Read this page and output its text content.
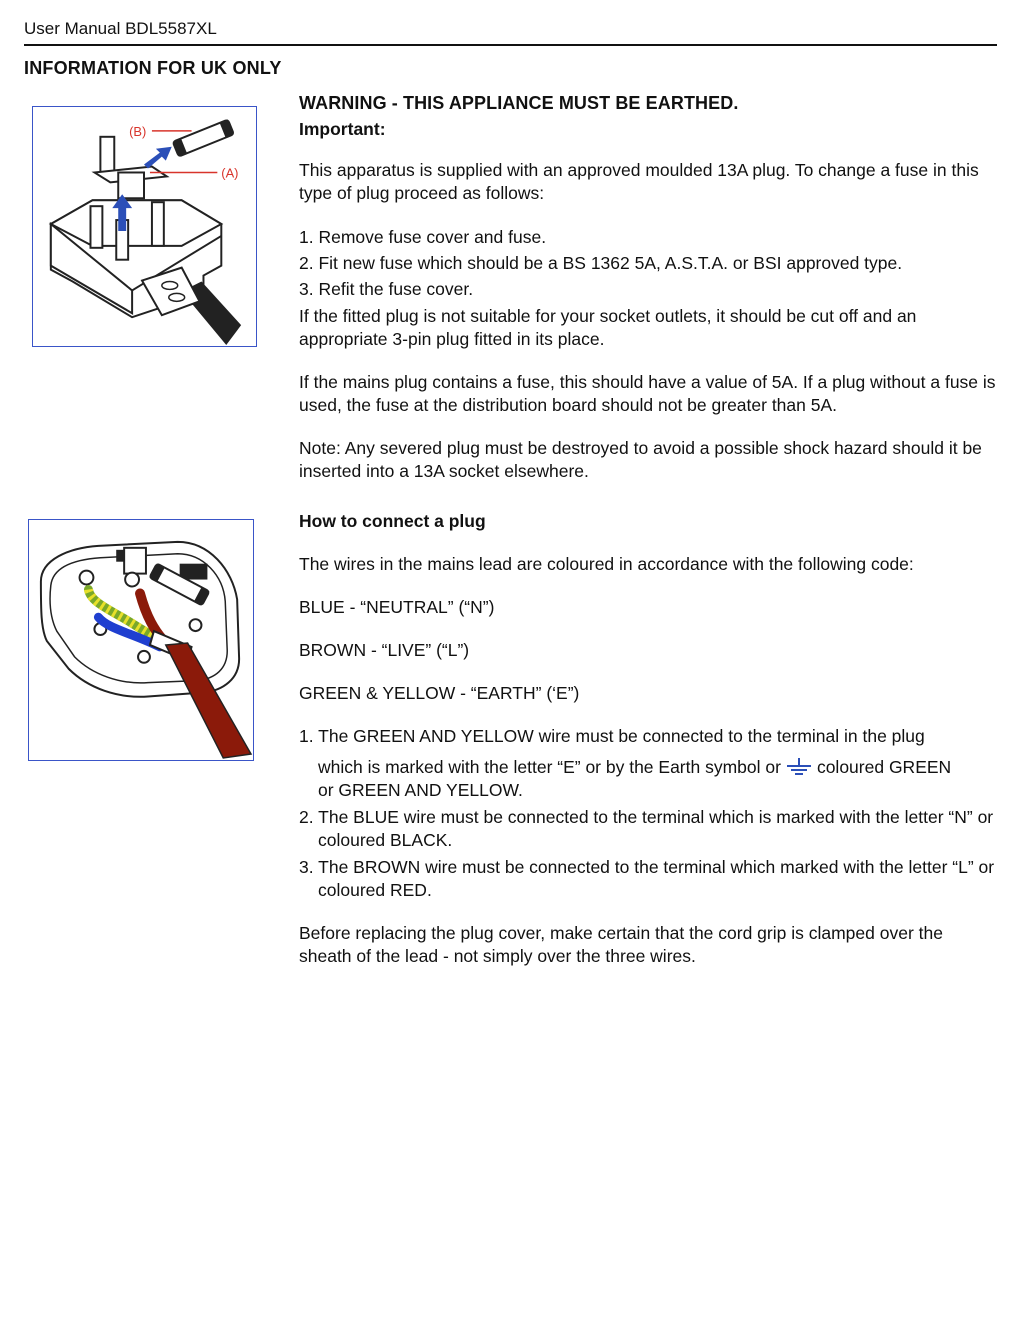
User Manual BDL5587XL
INFORMATION FOR UK ONLY
(B)
(A)

WARNING - THIS APPLIANCE MUST BE EARTHED.

Important:

This apparatus is supplied with an approved moulded 13A plug. To change a fuse in this type of plug proceed as follows:

1. Remove fuse cover and fuse.

2. Fit new fuse which should be a BS 1362 5A, A.S.T.A. or BSI approved type.

3. Refit the fuse cover.

If the fitted plug is not suitable for your socket outlets, it should be cut off and an appropriate 3-pin plug fitted in its place.

If the mains plug contains a fuse, this should have a value of 5A. If a plug without a fuse is used, the fuse at the distribution board should not be greater than 5A.

Note: Any severed plug must be destroyed to avoid a possible shock hazard should it be inserted into a 13A socket elsewhere.

How to connect a plug

The wires in the mains lead are coloured in accordance with the following code:

BLUE - “NEUTRAL” (“N”)

BROWN - “LIVE” (“L”)

GREEN & YELLOW - “EARTH” (‘E”)

1. The GREEN AND YELLOW wire must be connected to the terminal in the plug

which is marked with the letter “E” or by the Earth symbol or coloured GREEN

or GREEN AND YELLOW.

2. The BLUE wire must be connected to the terminal which is marked with the letter “N” or coloured BLACK.

3. The BROWN wire must be connected to the terminal which marked with the letter “L” or coloured RED.

Before replacing the plug cover, make certain that the cord grip is clamped over the sheath of the lead - not simply over the three wires.
